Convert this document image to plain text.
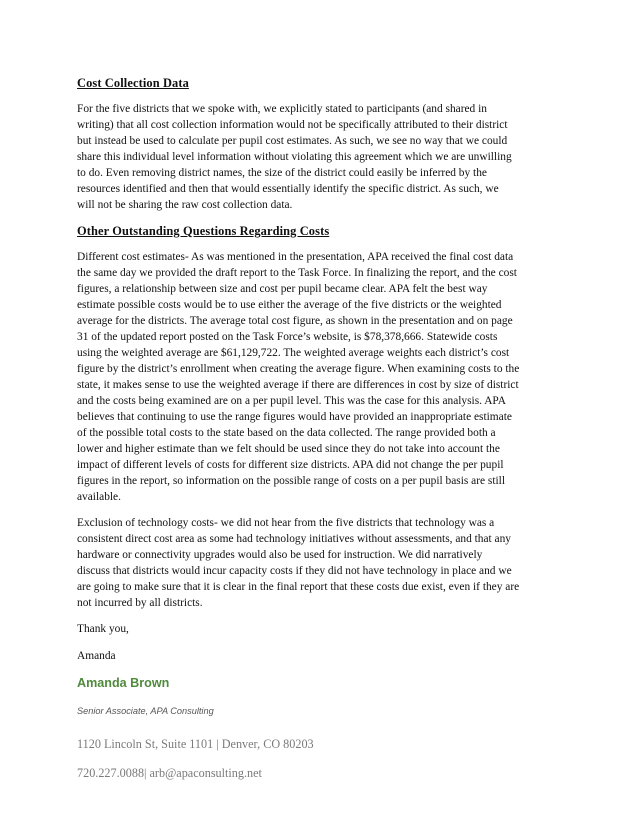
Cost Collection Data
For the five districts that we spoke with, we explicitly stated to participants (and shared in
writing) that all cost collection information would not be specifically attributed to their district
but instead be used to calculate per pupil cost estimates. As such, we see no way that we could
share this individual level information without violating this agreement which we are unwilling
to do. Even removing district names, the size of the district could easily be inferred by the
resources identified and then that would essentially identify the specific district. As such, we
will not be sharing the raw cost collection data.
Other Outstanding Questions Regarding Costs
Different cost estimates- As was mentioned in the presentation, APA received the final cost data
the same day we provided the draft report to the Task Force. In finalizing the report, and the cost
figures, a relationship between size and cost per pupil became clear. APA felt the best way
estimate possible costs would be to use either the average of the five districts or the weighted
average for the districts. The average total cost figure, as shown in the presentation and on page
31 of the updated report posted on the Task Force’s website, is $78,378,666. Statewide costs
using the weighted average are $61,129,722. The weighted average weights each district’s cost
figure by the district’s enrollment when creating the average figure. When examining costs to the
state, it makes sense to use the weighted average if there are differences in cost by size of district
and the costs being examined are on a per pupil level. This was the case for this analysis. APA
believes that continuing to use the range figures would have provided an inappropriate estimate
of the possible total costs to the state based on the data collected. The range provided both a
lower and higher estimate than we felt should be used since they do not take into account the
impact of different levels of costs for different size districts. APA did not change the per pupil
figures in the report, so information on the possible range of costs on a per pupil basis are still
available.
Exclusion of technology costs- we did not hear from the five districts that technology was a
consistent direct cost area as some had technology initiatives without assessments, and that any
hardware or connectivity upgrades would also be used for instruction. We did narratively
discuss that districts would incur capacity costs if they did not have technology in place and we
are going to make sure that it is clear in the final report that these costs due exist, even if they are
not incurred by all districts.
Thank you,
Amanda
Amanda Brown
Senior Associate, APA Consulting
1120 Lincoln St, Suite 1101 | Denver, CO 80203
720.227.0088| arb@apaconsulting.net
